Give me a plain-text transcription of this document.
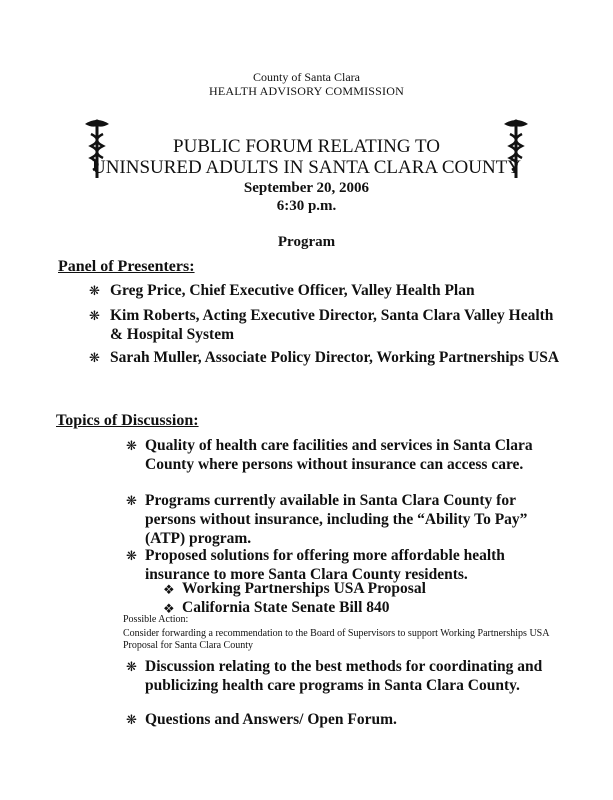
County of Santa Clara
HEALTH ADVISORY COMMISSION
PUBLIC FORUM RELATING TO
UNINSURED ADULTS IN SANTA CLARA COUNTY
September 20, 2006
6:30 p.m.
Program
Panel of Presenters:
❋ Greg Price, Chief Executive Officer, Valley Health Plan
❋ Kim Roberts, Acting Executive Director, Santa Clara Valley Health & Hospital System
❋ Sarah Muller, Associate Policy Director, Working Partnerships USA
Topics of Discussion:
❋ Quality of health care facilities and services in Santa Clara County where persons without insurance can access care.
❋ Programs currently available in Santa Clara County for persons without insurance, including the “Ability To Pay” (ATP) program.
❋ Proposed solutions for offering more affordable health insurance to more Santa Clara County residents.
❖ Working Partnerships USA Proposal
❖ California State Senate Bill 840
Possible Action:
Consider forwarding a recommendation to the Board of Supervisors to support Working Partnerships USA Proposal for Santa Clara County
❋ Discussion relating to the best methods for coordinating and publicizing health care programs in Santa Clara County.
❋ Questions and Answers/ Open Forum.
